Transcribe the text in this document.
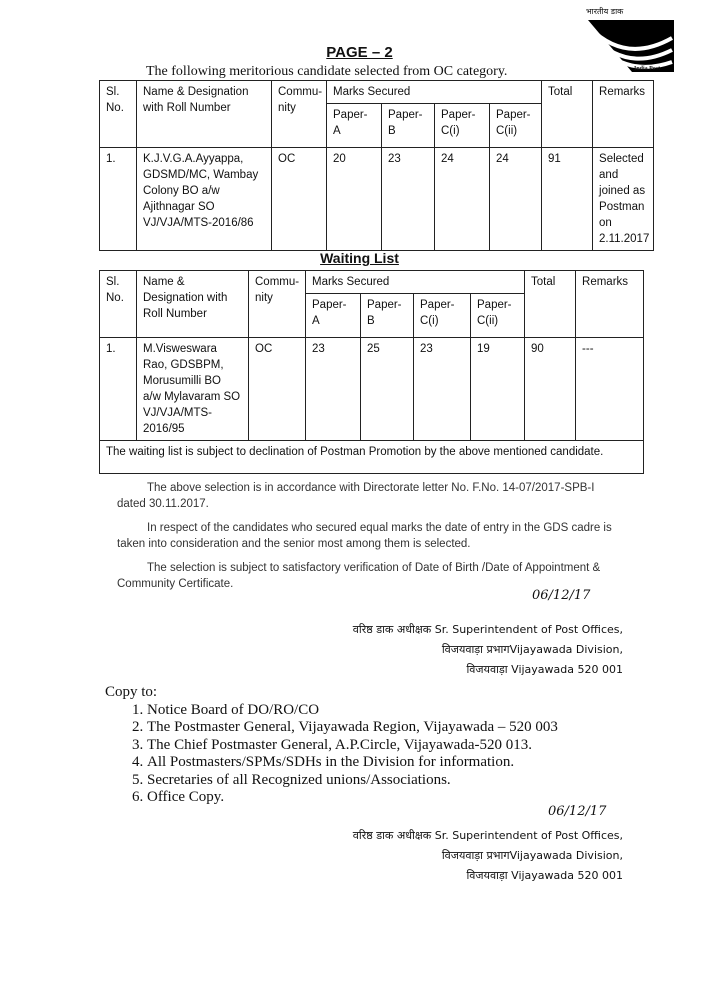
भारतीय डाक
India Post
PAGE – 2
The following meritorious candidate selected from OC category.
Sl. No.	Name & Designation with Roll Number	Commu-nity	Marks Secured				Total	Remarks
			Paper-A	Paper-B	Paper-C(i)	Paper-C(ii)		
1.	K.J.V.G.A.Ayyappa, GDSMD/MC, Wambay Colony BO a/w Ajithnagar SO VJ/VJA/MTS-2016/86	OC	20	23	24	24	91	Selected and joined as Postman on 2.11.2017
Waiting List
Sl. No.	Name & Designation with Roll Number	Commu-nity	Marks Secured				Total	Remarks
			Paper-A	Paper-B	Paper-C(i)	Paper-C(ii)		
1.	M.Visweswara Rao, GDSBPM, Morusumilli BO a/w Mylavaram SO VJ/VJA/MTS-2016/95	OC	23	25	23	19	90	---
The waiting list is subject to declination of Postman Promotion by the above mentioned candidate.								
The above selection is in accordance with Directorate letter No. F.No. 14-07/2017-SPB-I dated 30.11.2017.
In respect of the candidates who secured equal marks the date of entry in the GDS cadre is taken into consideration and the senior most among them is selected.
The selection is subject to satisfactory verification of Date of Birth /Date of Appointment & Community Certificate.
06/12/17
वरिष्ठ डाक अधीक्षक Sr. Superintendent of Post Offices,
विजयवाड़ा प्रभागVijayawada Division,
विजयवाड़ा Vijayawada 520 001
Copy to:
1. Notice Board of DO/RO/CO
2. The Postmaster General, Vijayawada Region, Vijayawada – 520 003
3. The Chief Postmaster General, A.P.Circle, Vijayawada-520 013.
4. All Postmasters/SPMs/SDHs in the Division for information.
5. Secretaries of all Recognized unions/Associations.
6. Office Copy.
06/12/17
वरिष्ठ डाक अधीक्षक Sr. Superintendent of Post Offices,
विजयवाड़ा प्रभागVijayawada Division,
विजयवाड़ा Vijayawada 520 001
